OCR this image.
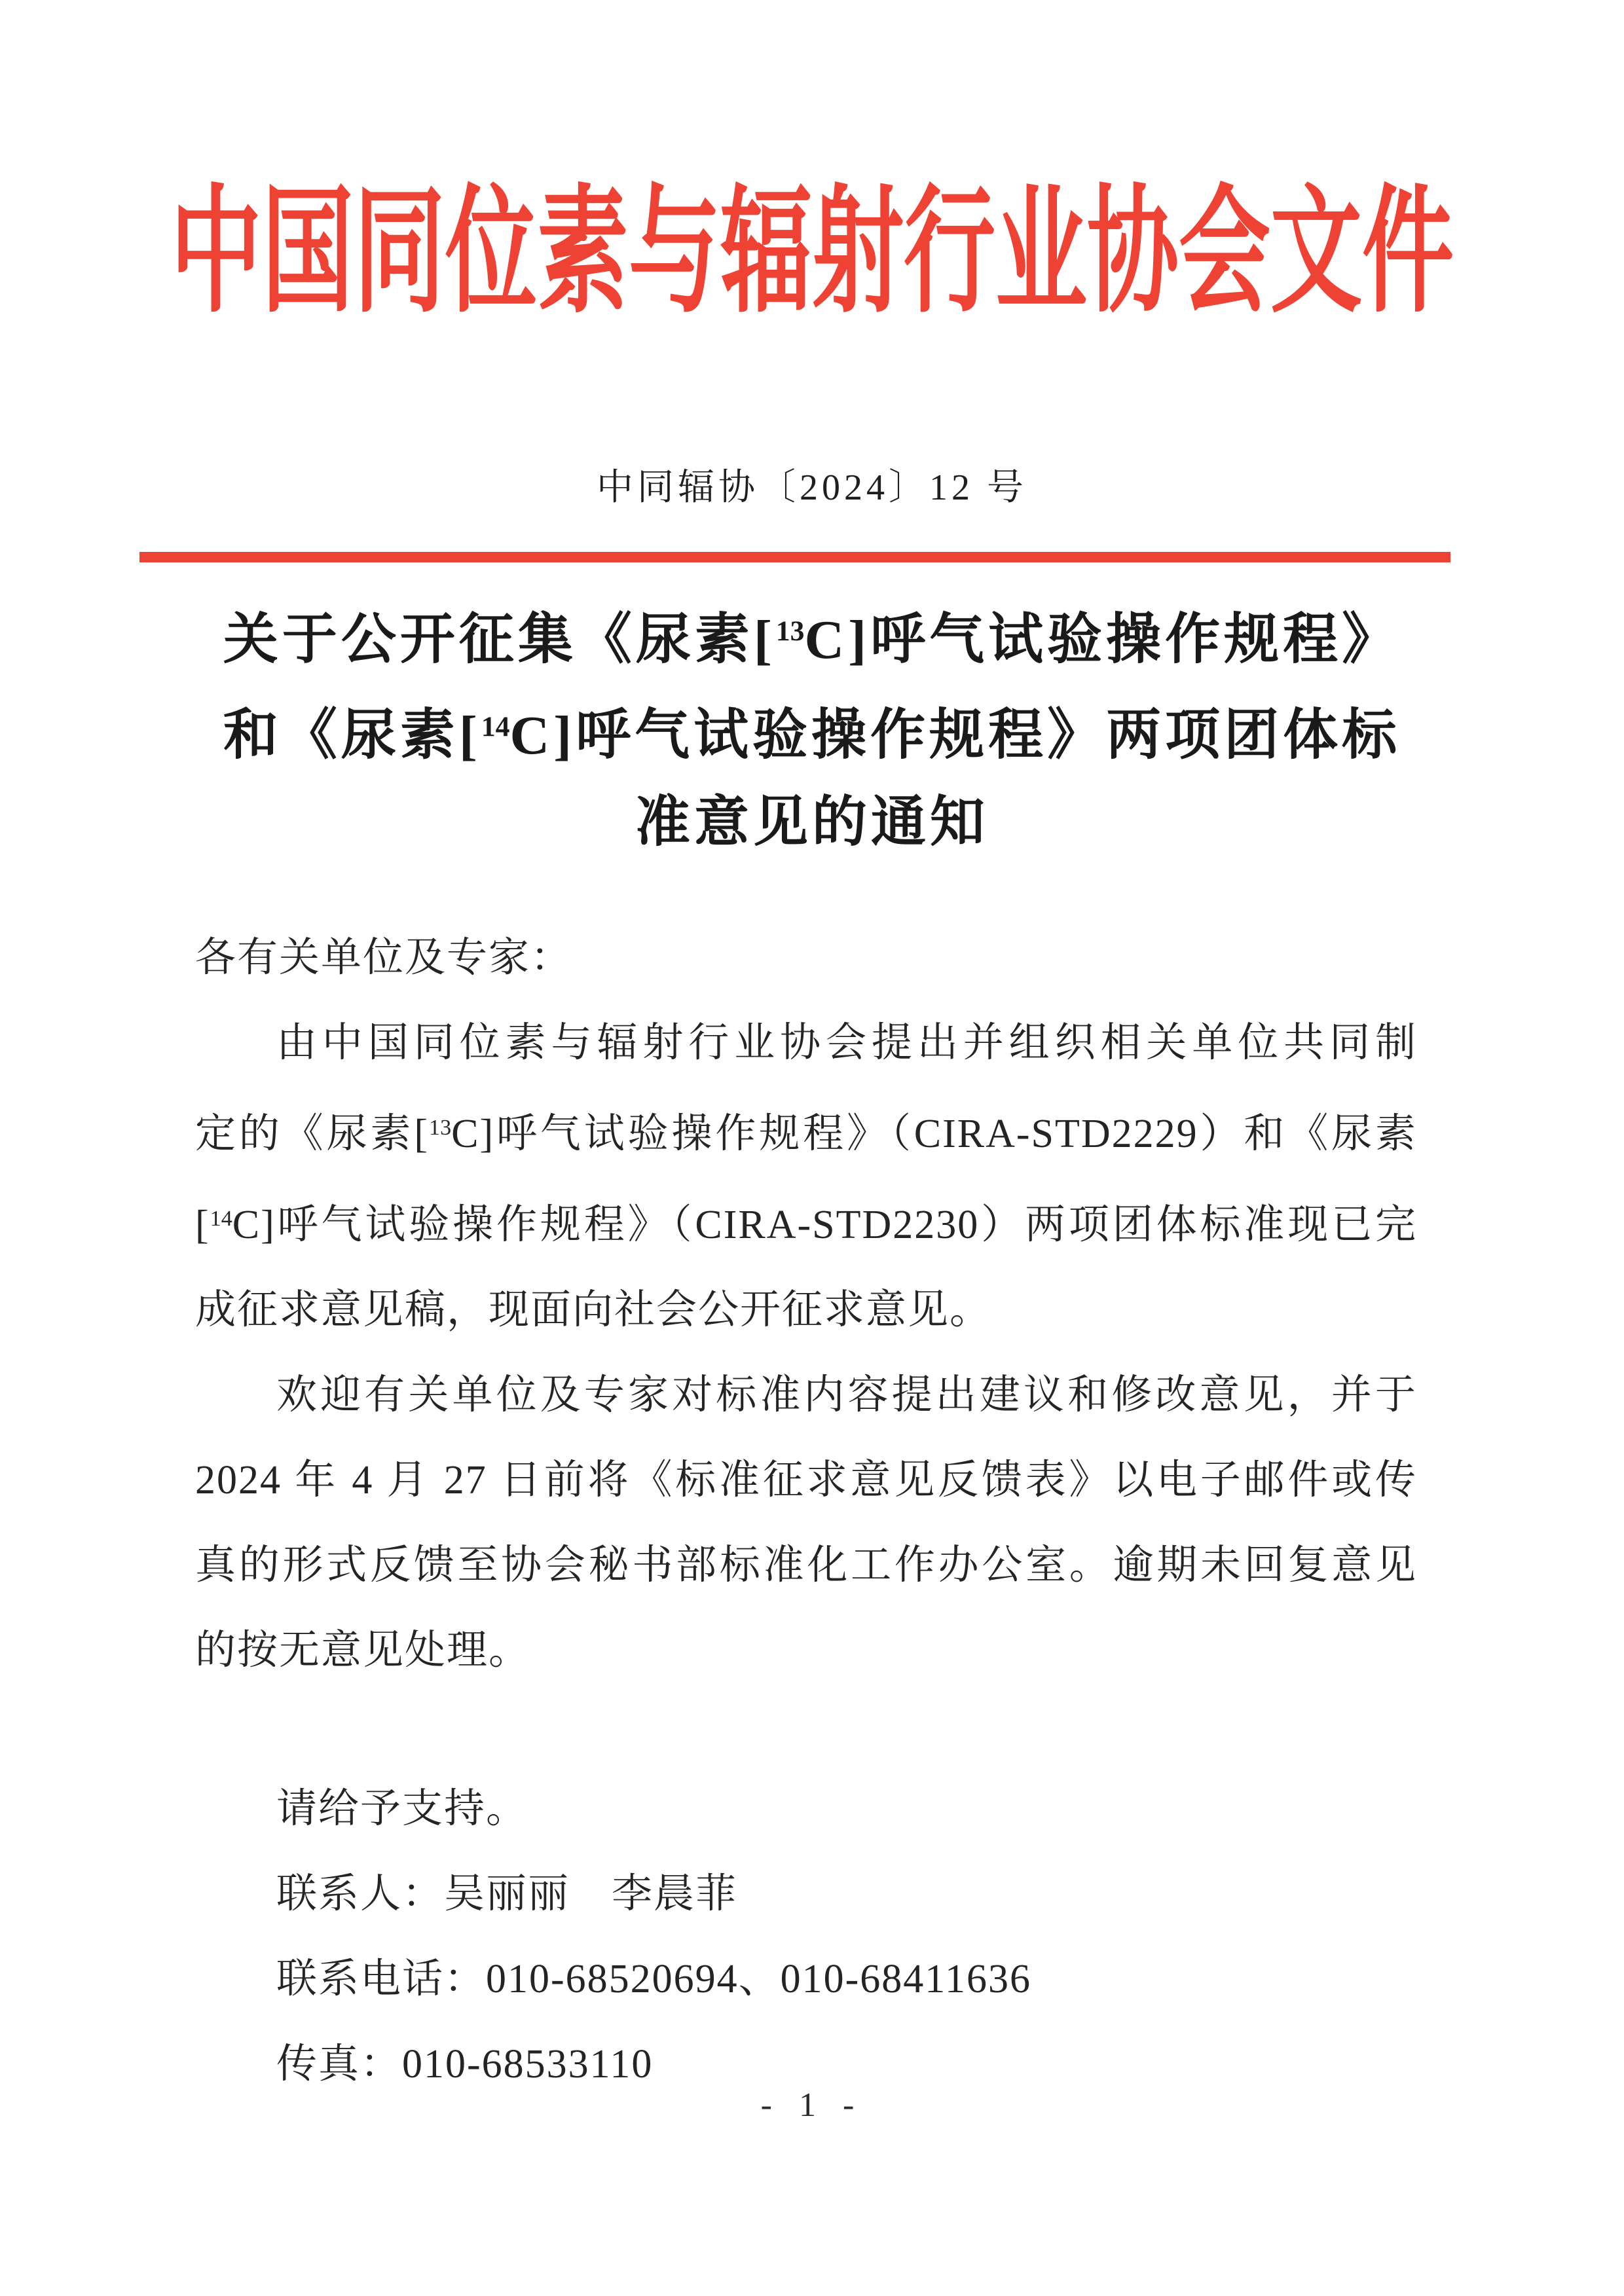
中国同位素与辐射行业协会文件
中同辐协〔2024〕12 号
关于公开征集《尿素[$^{13}$C]呼气试验操作规程》
和《尿素[$^{14}$C]呼气试验操作规程》两项团体标
准意见的通知

各有关单位及专家：

由中国同位素与辐射行业协会提出并组织相关单位共同制

定的《尿素[$^{13}$C]呼气试验操作规程》（CIRA-STD2229）和《尿素

[$^{14}$C]呼气试验操作规程》（CIRA-STD2230）两项团体标准现已完

成征求意见稿，现面向社会公开征求意见。

欢迎有关单位及专家对标准内容提出建议和修改意见，并于

2024 年 4 月 27 日前将《标准征求意见反馈表》以电子邮件或传

真的形式反馈至协会秘书部标准化工作办公室。逾期未回复意见

的按无意见处理。

请给予支持。

联系人：吴丽丽　李晨菲

联系电话：010-68520694、010-68411636

传真：010-68533110

- 1 -
